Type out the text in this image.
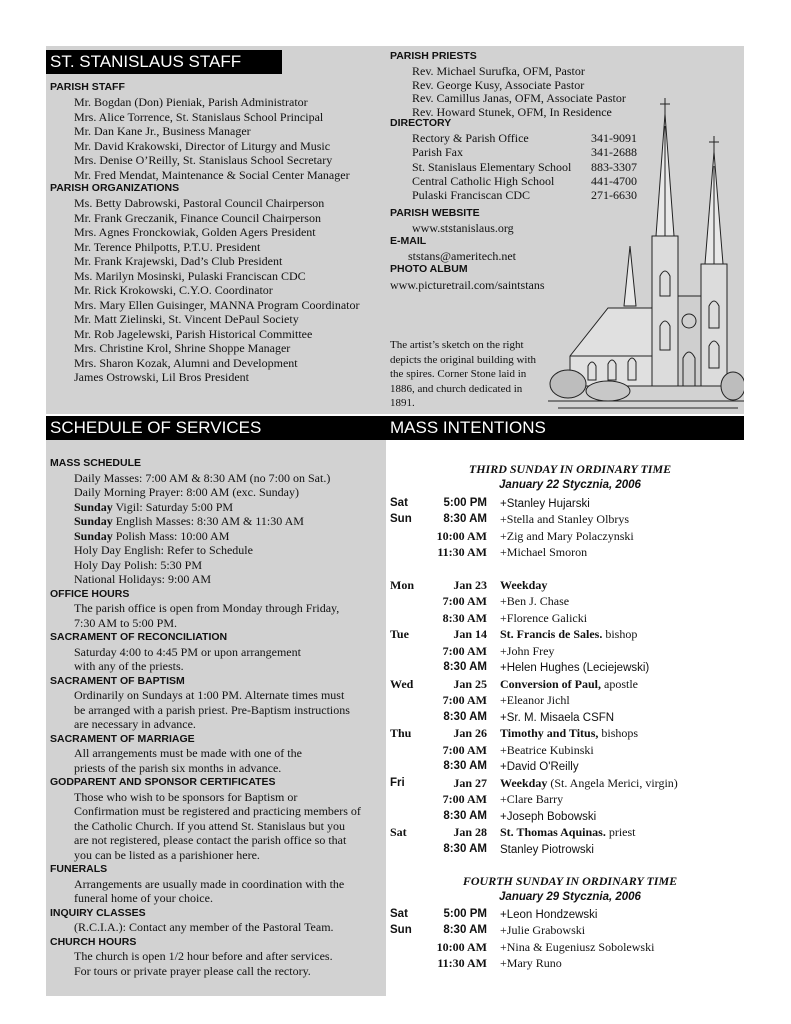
ST. STANISLAUS STAFF
SCHEDULE OF SERVICES	MASS INTENTIONS
PARISH STAFF
Mr. Bogdan (Don) Pieniak, Parish Administrator
Mrs. Alice Torrence, St. Stanislaus School Principal
Mr. Dan Kane Jr., Business Manager
Mr. David Krakowski, Director of Liturgy and Music
Mrs. Denise O’Reilly, St. Stanislaus School Secretary
Mr. Fred Mendat, Maintenance & Social Center Manager
PARISH ORGANIZATIONS
Ms. Betty Dabrowski, Pastoral Council Chairperson
Mr. Frank Greczanik, Finance Council Chairperson
Mrs. Agnes Fronckowiak, Golden Agers President
Mr. Terence Philpotts, P.T.U. President
Mr. Frank Krajewski, Dad’s Club President
Ms. Marilyn Mosinski, Pulaski Franciscan CDC
Mr. Rick Krokowski, C.Y.O. Coordinator
Mrs. Mary Ellen Guisinger, MANNA Program Coordinator
Mr. Matt Zielinski, St. Vincent DePaul Society
Mr. Rob Jagelewski, Parish Historical Committee
Mrs. Christine Krol, Shrine Shoppe Manager
Mrs. Sharon Kozak, Alumni and Development
James Ostrowski, Lil Bros President
PARISH PRIESTS
Rev. Michael Surufka, OFM, Pastor
Rev. George Kusy, Associate Pastor
Rev. Camillus Janas, OFM, Associate Pastor
Rev. Howard Stunek, OFM, In Residence
DIRECTORY
Rectory & Parish Office	341-9091
Parish Fax	341-2688
St. Stanislaus Elementary School 883-3307
Central Catholic High School	441-4700
Pulaski Franciscan CDC	271-6630
PARISH WEBSITE
www.ststanislaus.org
E-MAIL
ststans@ameritech.net
PHOTO ALBUM
www.picturetrail.com/saintstans
The artist’s sketch on the right depicts the original building with the spires. Corner Stone laid in 1886, and church dedicated in 1891.
MASS SCHEDULE
Daily Masses: 7:00 AM & 8:30 AM (no 7:00 on Sat.)
Daily Morning Prayer: 8:00 AM (exc. Sunday)
Sunday Vigil: Saturday 5:00 PM
Sunday English Masses: 8:30 AM & 11:30 AM
Sunday Polish Mass: 10:00 AM
Holy Day English: Refer to Schedule
Holy Day Polish: 5:30 PM
National Holidays: 9:00 AM
OFFICE HOURS
The parish office is open from Monday through Friday,
7:30 AM to 5:00 PM.
SACRAMENT OF RECONCILIATION
Saturday 4:00 to 4:45 PM or upon arrangement
with any of the priests.
SACRAMENT OF BAPTISM
Ordinarily on Sundays at 1:00 PM. Alternate times must
be arranged with a parish priest. Pre-Baptism instructions
are necessary in advance.
SACRAMENT OF MARRIAGE
All arrangements must be made with one of the
priests of the parish six months in advance.
GODPARENT AND SPONSOR CERTIFICATES
Those who wish to be sponsors for Baptism or
Confirmation must be registered and practicing members of
the Catholic Church. If you attend St. Stanislaus but you
are not registered, please contact the parish office so that
you can be listed as a parishioner here.
FUNERALS
Arrangements are usually made in coordination with the
funeral home of your choice.
INQUIRY CLASSES
(R.C.I.A.): Contact any member of the Pastoral Team.
CHURCH HOURS
The church is open 1/2 hour before and after services.
For tours or private prayer please call the rectory.
THIRD SUNDAY IN ORDINARY TIME
January 22 Stycznia, 2006
FOURTH SUNDAY IN ORDINARY TIME
January 29 Stycznia, 2006
Sat	5:00 PM +Stanley Hujarski
Sun	8:30 AM +Stella and Stanley Olbrys
10:00 AM +Zig and Mary Polaczynski
11:30 AM +Michael Smoron
Mon	Jan 23 Weekday
7:00 AM +Ben J. Chase
8:30 AM +Florence Galicki
Tue	Jan 14 St. Francis de Sales. bishop
7:00 AM +John Frey
8:30 AM +Helen Hughes (Leciejewski)
Wed	Jan 25 Conversion of Paul, apostle
7:00 AM +Eleanor Jichl
8:30 AM +Sr. M. Misaela CSFN
Thu	Jan 26 Timothy and Titus, bishops
7:00 AM +Beatrice Kubinski
8:30 AM +David O'Reilly
Fri	Jan 27 Weekday (St. Angela Merici, virgin)
7:00 AM +Clare Barry
8:30 AM +Joseph Bobowski
Sat	Jan 28 St. Thomas Aquinas. priest
8:30 AM Stanley Piotrowski
Sat	5:00 PM +Leon Hondzewski
Sun	8:30 AM +Julie Grabowski
10:00 AM +Nina & Eugeniusz Sobolewski
11:30 AM +Mary Runo
